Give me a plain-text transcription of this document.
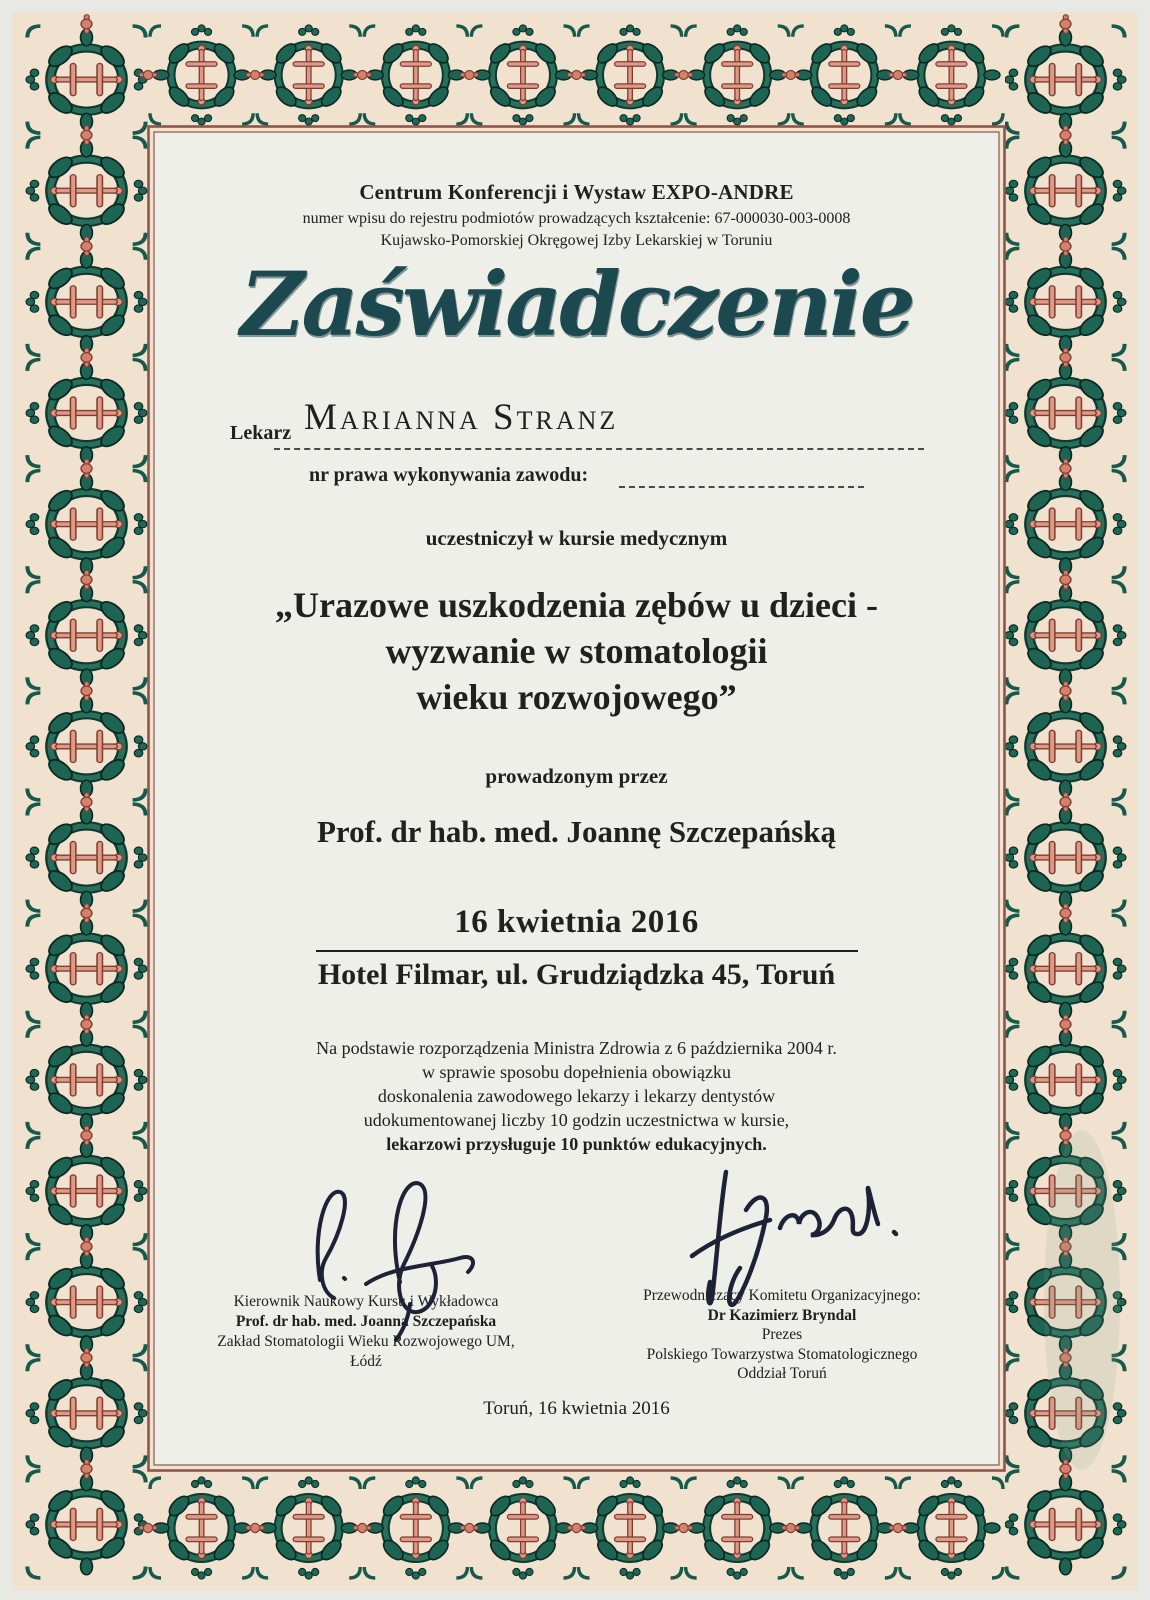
Centrum Konferencji i Wystaw EXPO-ANDRE
numer wpisu do rejestru podmiotów prowadzących kształcenie: 67-000030-003-0008
Kujawsko-Pomorskiej Okręgowej Izby Lekarskiej w Toruniu
Zaświadczenie
Lekarz Marianna Stranz
nr prawa wykonywania zawodu:
uczestniczył w kursie medycznym
„Urazowe uszkodzenia zębów u dzieci -
wyzwanie w stomatologii
wieku rozwojowego”
prowadzonym przez
Prof. dr hab. med. Joannę Szczepańską
16 kwietnia 2016
Hotel Filmar, ul. Grudziądzka 45, Toruń
Na podstawie rozporządzenia Ministra Zdrowia z 6 października 2004 r.
w sprawie sposobu dopełnienia obowiązku
doskonalenia zawodowego lekarzy i lekarzy dentystów
udokumentowanej liczby 10 godzin uczestnictwa w kursie,
lekarzowi przysługuje 10 punktów edukacyjnych.
Kierownik Naukowy Kursu i Wykładowca
Prof. dr hab. med. Joanna Szczepańska
Zakład Stomatologii Wieku Rozwojowego UM,
Łódź
Przewodniczący Komitetu Organizacyjnego:
Dr Kazimierz Bryndal
Prezes
Polskiego Towarzystwa Stomatologicznego
Oddział Toruń
Toruń, 16 kwietnia 2016
